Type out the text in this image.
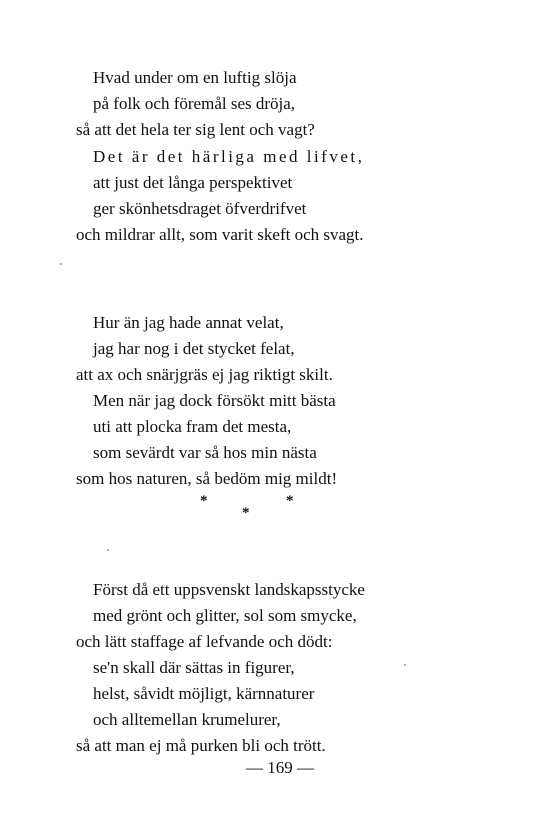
Hvad under om en luftig slöja
på folk och föremål ses dröja,
så att det hela ter sig lent och vagt?
Det är det härliga med lifvet,
att just det långa perspektivet
ger skönhetsdraget öfverdrifvet
och mildrar allt, som varit skeft och svagt.
Hur än jag hade annat velat,
jag har nog i det stycket felat,
att ax och snärjgräs ej jag riktigt skilt.
Men när jag dock försökt mitt bästa
uti att plocka fram det mesta,
som sevärdt var så hos min nästa
som hos naturen, så bedöm mig mildt!
*
*
*
Först då ett uppsvenskt landskapsstycke
med grönt och glitter, sol som smycke,
och lätt staffage af lefvande och dödt:
se'n skall där sättas in figurer,
helst, såvidt möjligt, kärnnaturer
och alltemellan krumelurer,
så att man ej må purken bli och trött.
— 169 —
